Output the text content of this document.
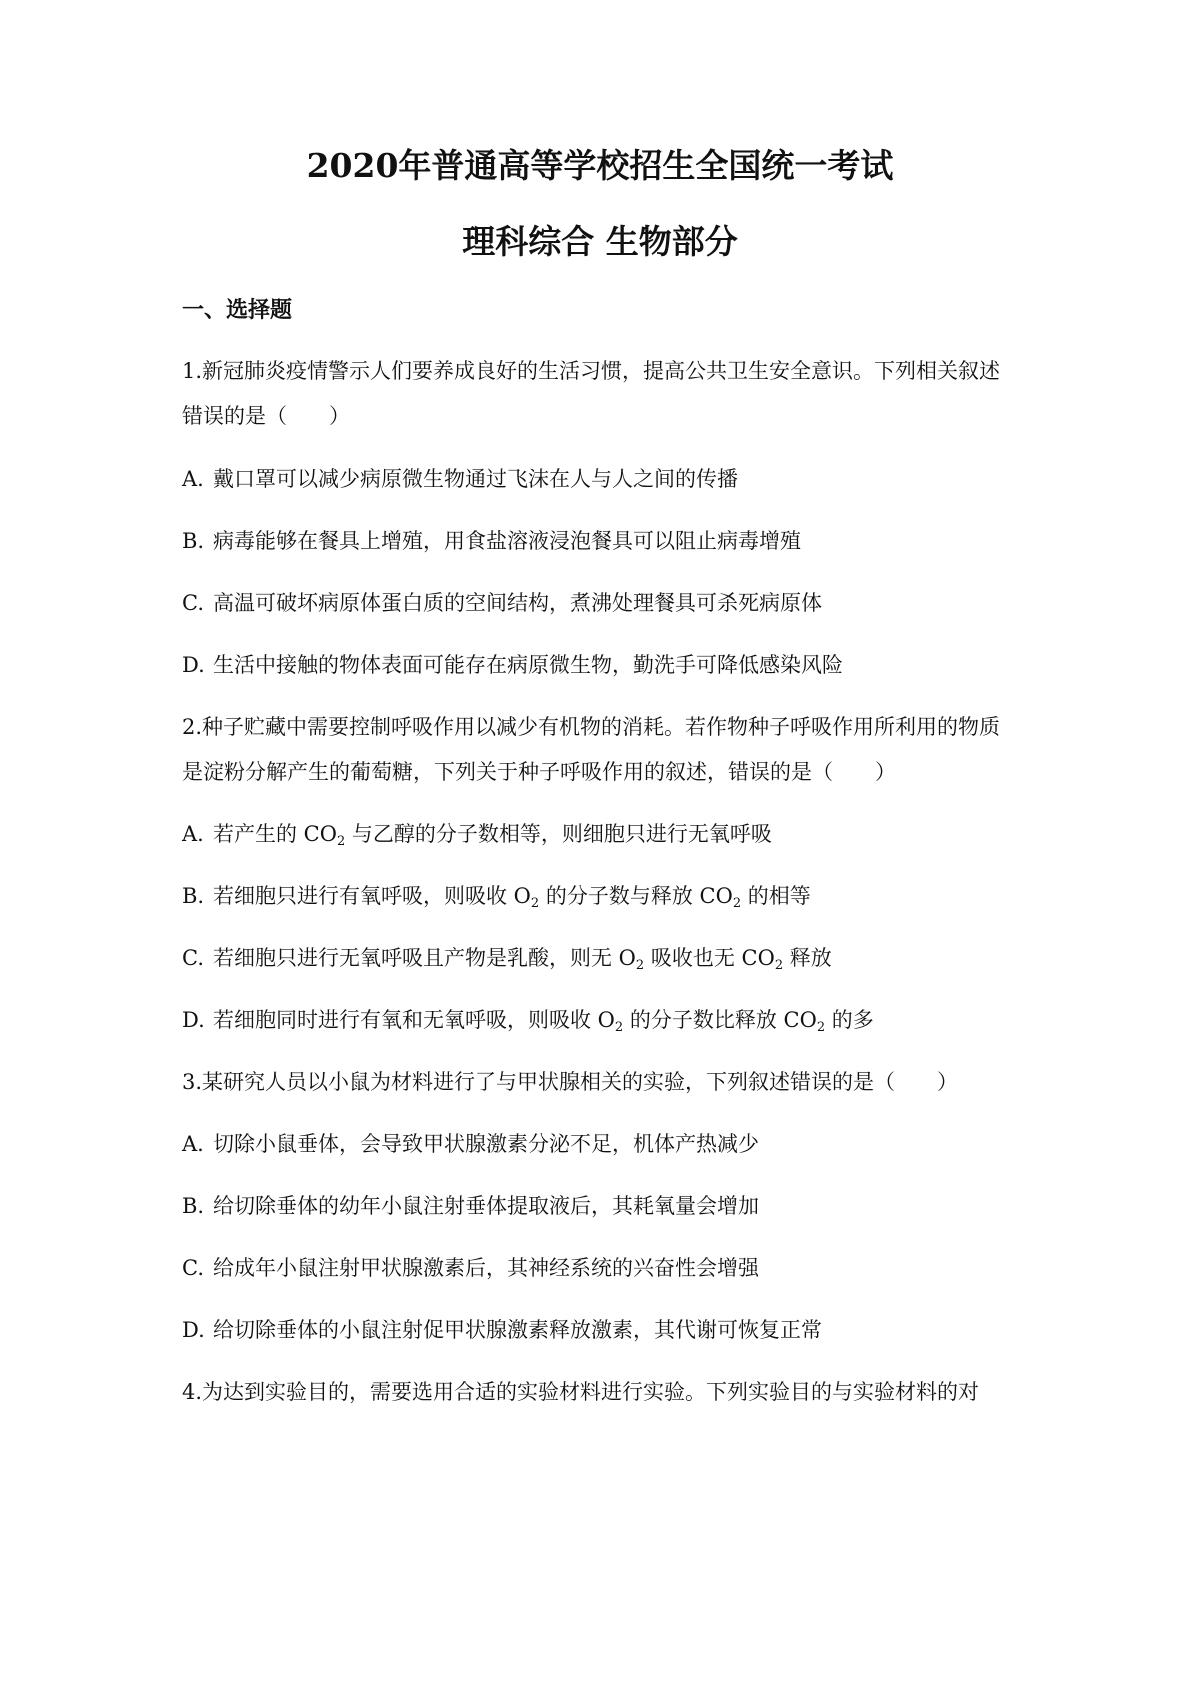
2020年普通高等学校招生全国统一考试
理科综合 生物部分
一、选择题
1.新冠肺炎疫情警示人们要养成良好的生活习惯，提高公共卫生安全意识。下列相关叙述
错误的是（　　）
A. 戴口罩可以减少病原微生物通过飞沫在人与人之间的传播
B. 病毒能够在餐具上增殖，用食盐溶液浸泡餐具可以阻止病毒增殖
C. 高温可破坏病原体蛋白质的空间结构，煮沸处理餐具可杀死病原体
D. 生活中接触的物体表面可能存在病原微生物，勤洗手可降低感染风险
2.种子贮藏中需要控制呼吸作用以减少有机物的消耗。若作物种子呼吸作用所利用的物质
是淀粉分解产生的葡萄糖，下列关于种子呼吸作用的叙述，错误的是（　　）
A. 若产生的 $CO_2$ 与乙醇的分子数相等，则细胞只进行无氧呼吸
B. 若细胞只进行有氧呼吸，则吸收 $O_2$ 的分子数与释放 $CO_2$ 的相等
C. 若细胞只进行无氧呼吸且产物是乳酸，则无 $O_2$ 吸收也无 $CO_2$ 释放
D. 若细胞同时进行有氧和无氧呼吸，则吸收 $O_2$ 的分子数比释放 $CO_2$ 的多
3.某研究人员以小鼠为材料进行了与甲状腺相关的实验，下列叙述错误的是（　　）
A. 切除小鼠垂体，会导致甲状腺激素分泌不足，机体产热减少
B. 给切除垂体的幼年小鼠注射垂体提取液后，其耗氧量会增加
C. 给成年小鼠注射甲状腺激素后，其神经系统的兴奋性会增强
D. 给切除垂体的小鼠注射促甲状腺激素释放激素，其代谢可恢复正常
4.为达到实验目的，需要选用合适的实验材料进行实验。下列实验目的与实验材料的对
